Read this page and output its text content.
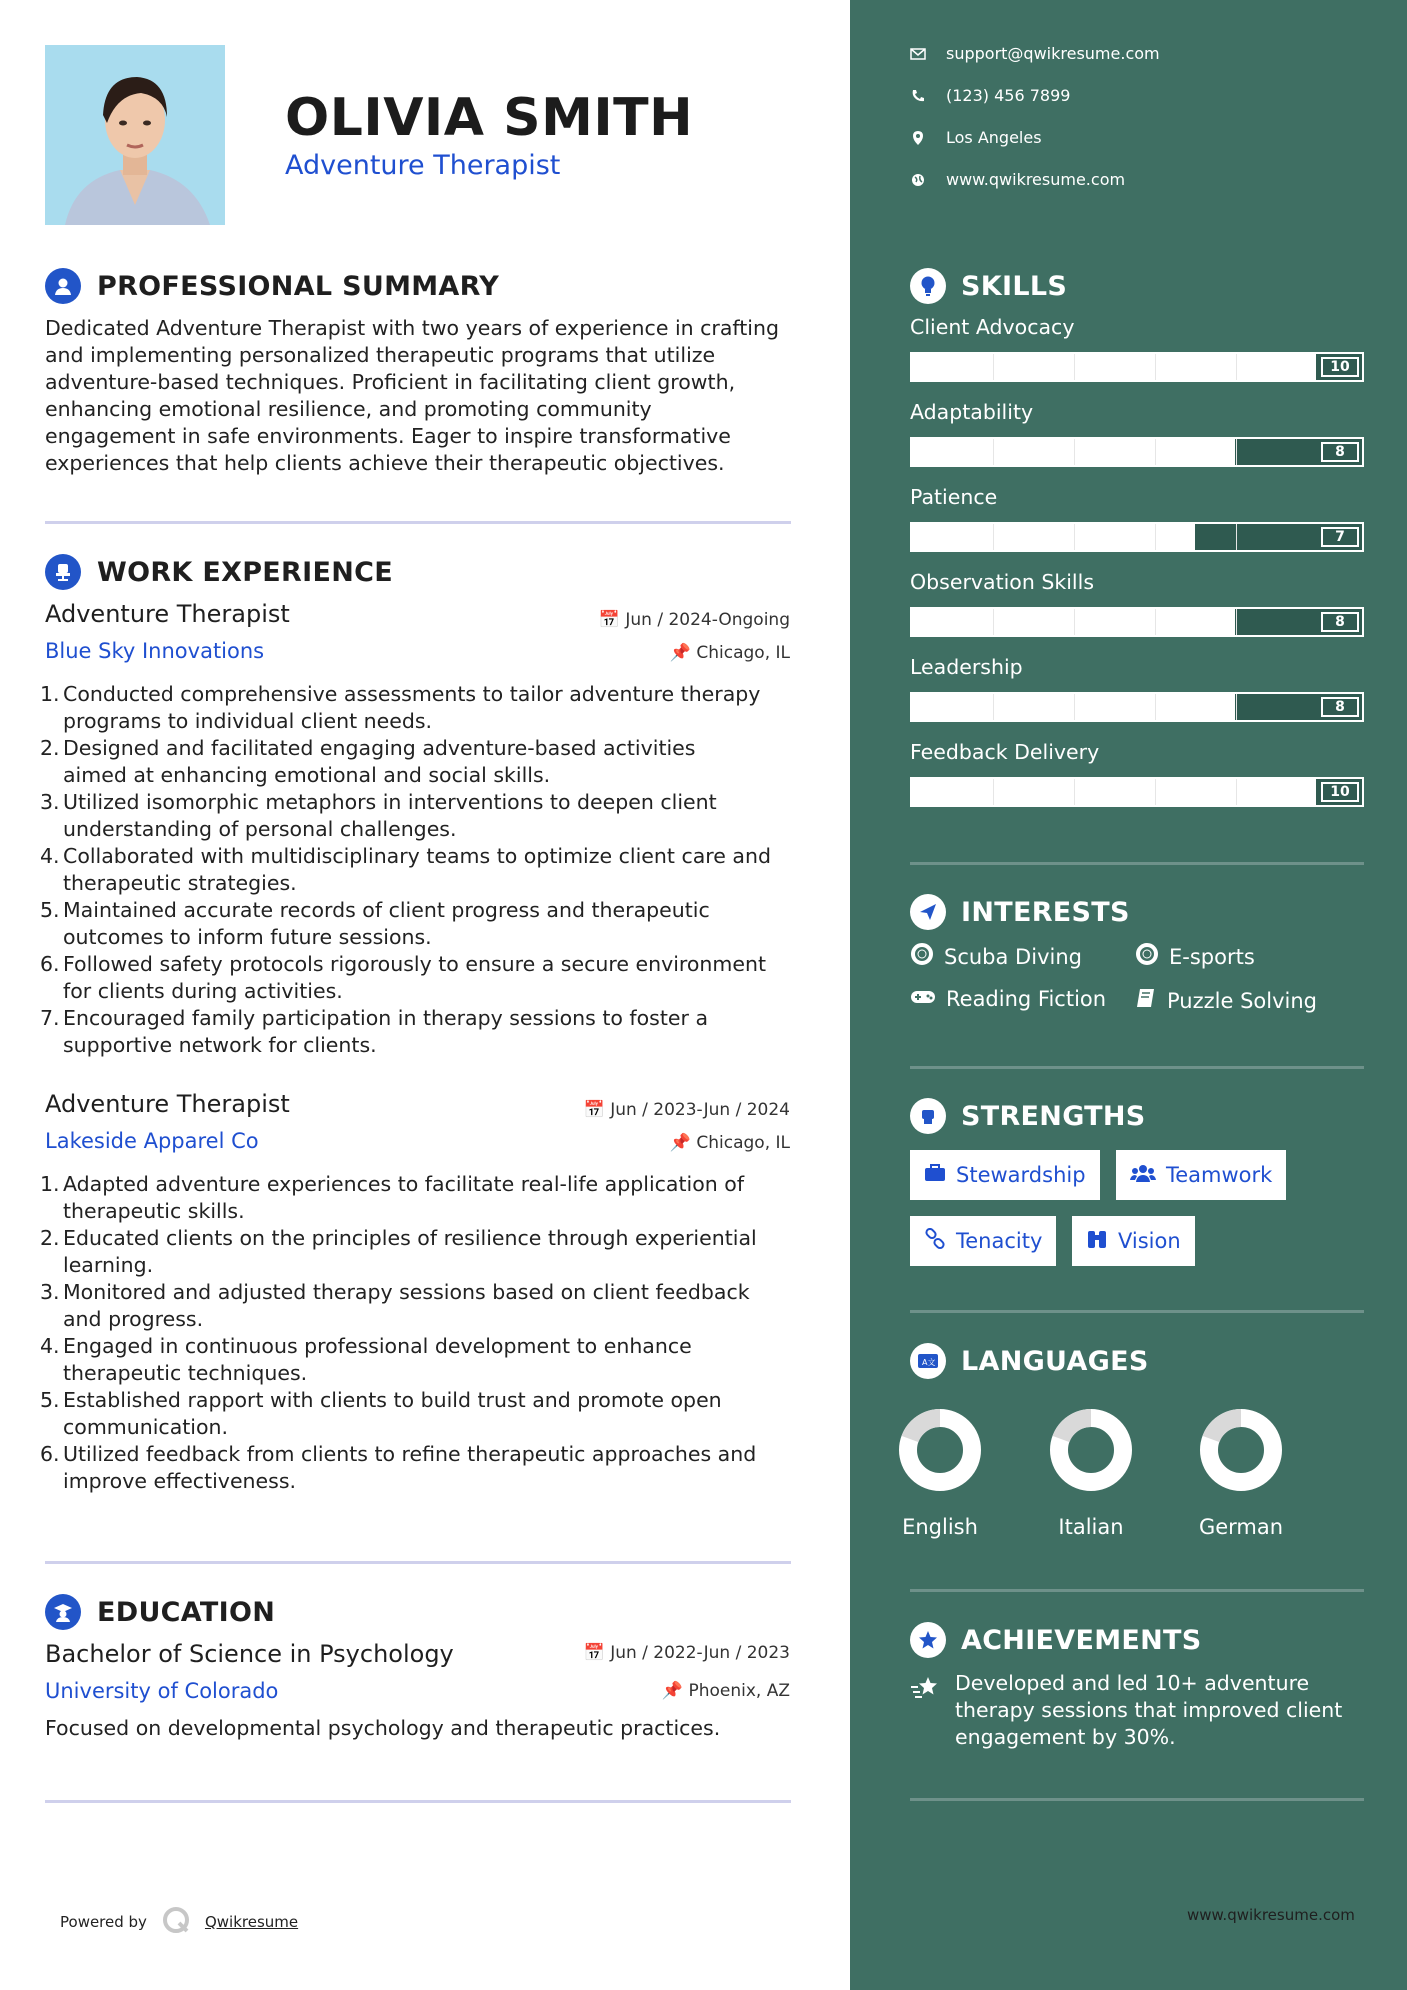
OLIVIA SMITH
Adventure Therapist
PROFESSIONAL SUMMARY
Dedicated Adventure Therapist with two years of experience in crafting
and implementing personalized therapeutic programs that utilize
adventure-based techniques. Proficient in facilitating client growth,
enhancing emotional resilience, and promoting community
engagement in safe environments. Eager to inspire transformative
experiences that help clients achieve their therapeutic objectives.
WORK EXPERIENCE
Adventure Therapist	📅 Jun / 2024-Ongoing
Blue Sky Innovations	📌 Chicago, IL
1. Conducted comprehensive assessments to tailor adventure therapy
programs to individual client needs.
2. Designed and facilitated engaging adventure-based activities
aimed at enhancing emotional and social skills.
3. Utilized isomorphic metaphors in interventions to deepen client
understanding of personal challenges.
4. Collaborated with multidisciplinary teams to optimize client care and
therapeutic strategies.
5. Maintained accurate records of client progress and therapeutic
outcomes to inform future sessions.
6. Followed safety protocols rigorously to ensure a secure environment
for clients during activities.
7. Encouraged family participation in therapy sessions to foster a
supportive network for clients.
Adventure Therapist	📅 Jun / 2023-Jun / 2024
Lakeside Apparel Co	📌 Chicago, IL
1. Adapted adventure experiences to facilitate real-life application of
therapeutic skills.
2. Educated clients on the principles of resilience through experiential
learning.
3. Monitored and adjusted therapy sessions based on client feedback
and progress.
4. Engaged in continuous professional development to enhance
therapeutic techniques.
5. Established rapport with clients to build trust and promote open
communication.
6. Utilized feedback from clients to refine therapeutic approaches and
improve effectiveness.
EDUCATION
Bachelor of Science in Psychology	📅 Jun / 2022-Jun / 2023
University of Colorado	📌 Phoenix, AZ
Focused on developmental psychology and therapeutic practices.
Powered by	Qwikresume
support@qwikresume.com
(123) 456 7899
Los Angeles
www.qwikresume.com
SKILLS
Client Advocacy
10
Adaptability
8
Patience
7
Observation Skills
8
Leadership
8
Feedback Delivery
10
INTERESTS
Scuba Diving	E-sports
Reading Fiction	Puzzle Solving
STRENGTHS
Stewardship	Teamwork
Tenacity	Vision
A文 LANGUAGES
English	Italian	German
ACHIEVEMENTS
Developed and led 10+ adventure
therapy sessions that improved client
engagement by 30%.
www.qwikresume.com
